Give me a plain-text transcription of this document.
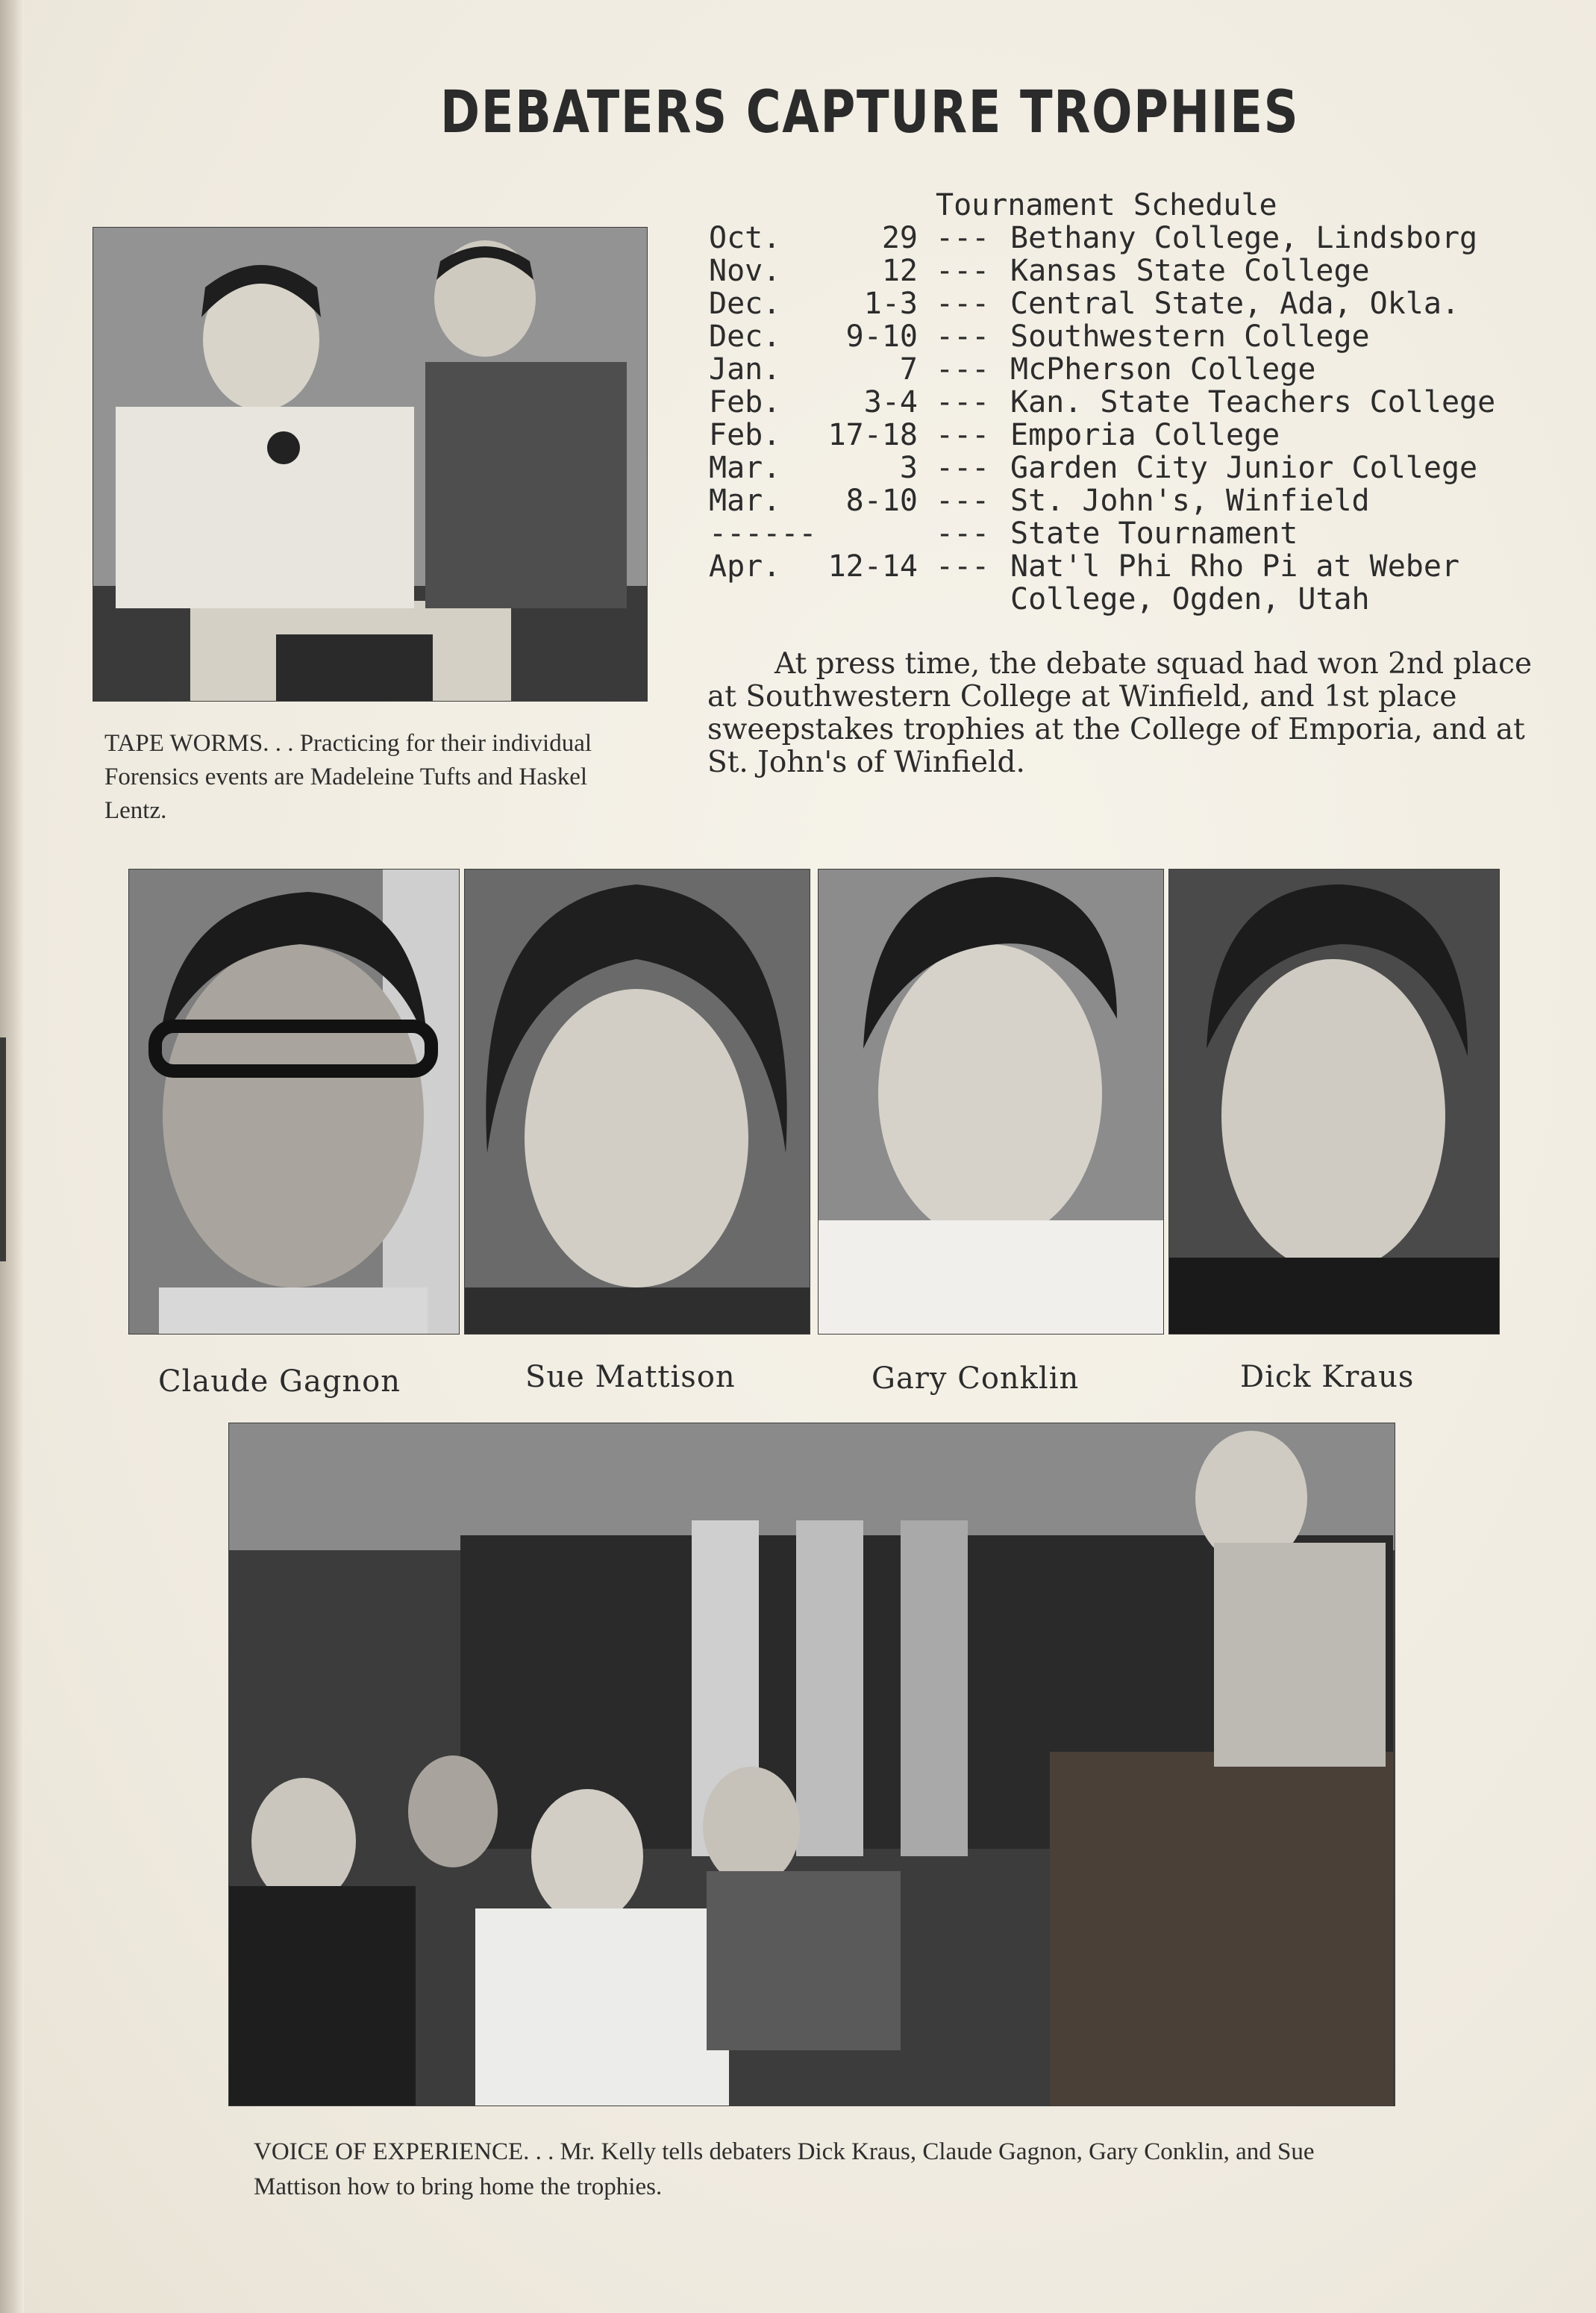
DEBATERS CAPTURE TROPHIES
TAPE WORMS. . . Practicing for their individual Forensics events are Madeleine Tufts and Haskel Lentz.
Tournament Schedule
Oct.	29 --- Bethany College, Lindsborg
Nov.	12 --- Kansas State College
Dec.	1-3 --- Central State, Ada, Okla.
Dec. 9-10 --- Southwestern College
Jan.	7 --- McPherson College
Feb.	3-4 --- Kan. State Teachers College
Feb. 17-18 --- Emporia College
Mar.	3 --- Garden City Junior College
Mar. 8-10 --- St. John's, Winfield
------	--- State Tournament
Apr. 12-14 --- Nat'l Phi Rho Pi at Weber
College, Ogden, Utah

At press time, the debate squad had won 2nd place at Southwestern College at Winfield, and 1st place sweepstakes trophies at the College of Emporia, and at St. John's of Winfield.

Claude Gagnon	Sue Mattison	Gary Conklin	Dick Kraus
VOICE OF EXPERIENCE. . . Mr. Kelly tells debaters Dick Kraus, Claude Gagnon, Gary Conklin, and Sue Mattison how to bring home the trophies.
